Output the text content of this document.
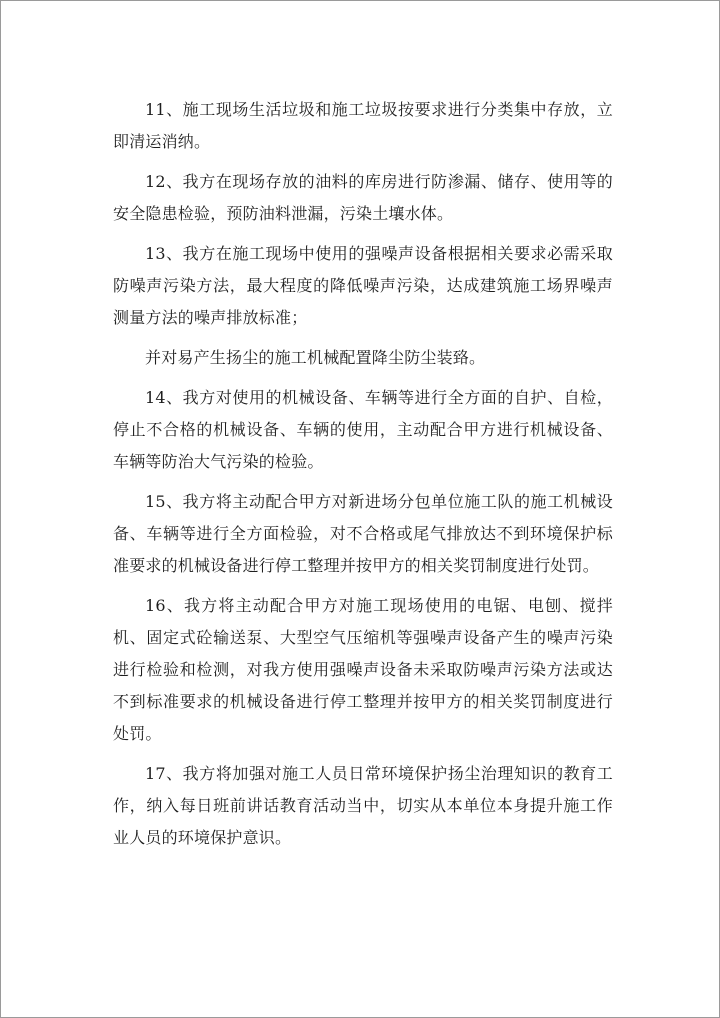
11、施工现场生活垃圾和施工垃圾按要求进行分类集中存放，立即清运消纳。

12、我方在现场存放的油料的库房进行防渗漏、储存、使用等的安全隐患检验，预防油料泄漏，污染土壤水体。

13、我方在施工现场中使用的强噪声设备根据相关要求必需采取防噪声污染方法，最大程度的降低噪声污染，达成建筑施工场界噪声测量方法的噪声排放标准；

并对易产生扬尘的施工机械配置降尘防尘装臵。

14、我方对使用的机械设备、车辆等进行全方面的自护、自检，停止不合格的机械设备、车辆的使用，主动配合甲方进行机械设备、车辆等防治大气污染的检验。

15、我方将主动配合甲方对新进场分包单位施工队的施工机械设备、车辆等进行全方面检验，对不合格或尾气排放达不到环境保护标准要求的机械设备进行停工整理并按甲方的相关奖罚制度进行处罚。

16、我方将主动配合甲方对施工现场使用的电锯、电刨、搅拌机、固定式砼输送泵、大型空气压缩机等强噪声设备产生的噪声污染进行检验和检测，对我方使用强噪声设备未采取防噪声污染方法或达不到标准要求的机械设备进行停工整理并按甲方的相关奖罚制度进行处罚。

17、我方将加强对施工人员日常环境保护扬尘治理知识的教育工作，纳入每日班前讲话教育活动当中，切实从本单位本身提升施工作业人员的环境保护意识。
